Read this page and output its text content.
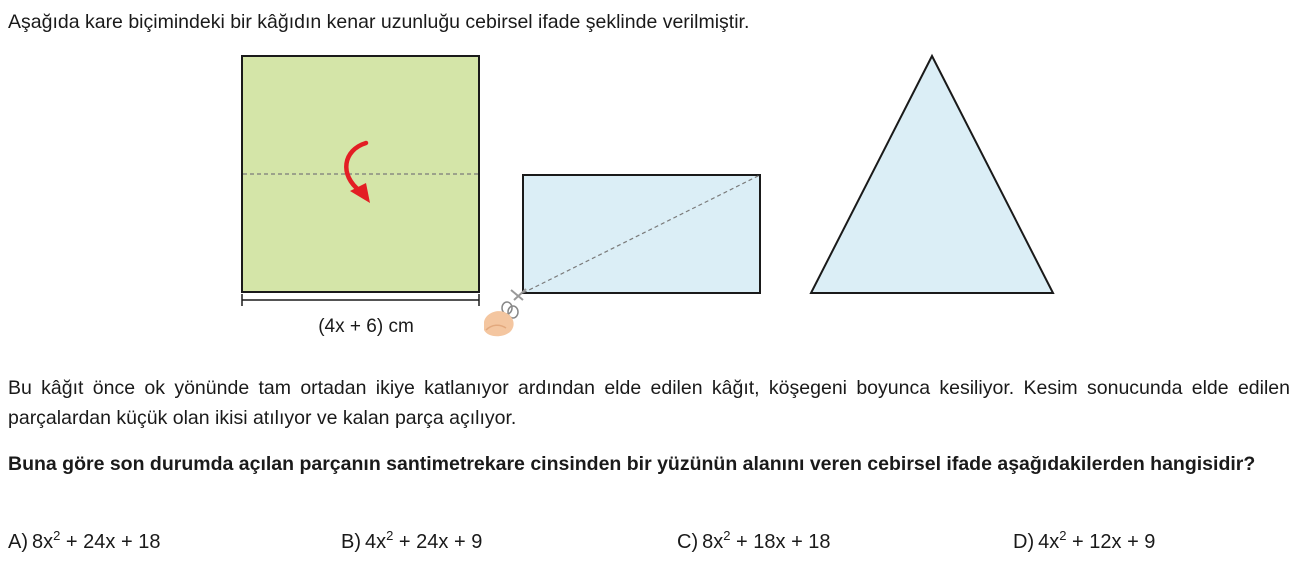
Aşağıda kare biçimindeki bir kâğıdın kenar uzunluğu cebirsel ifade şeklinde verilmiştir.

(4x + 6) cm

Bu kâğıt önce ok yönünde tam ortadan ikiye katlanıyor ardından elde edilen kâğıt, köşegeni boyunca kesiliyor. Kesim sonucunda elde edilen parçalardan küçük olan ikisi atılıyor ve kalan parça açılıyor.

Buna göre son durumda açılan parçanın santimetrekare cinsinden bir yüzünün alanını veren cebirsel ifade aşağıdakilerden hangisidir?

A) $8x^2 + 24x + 18$	B) $4x^2 + 24x + 9$	C) $8x^2 + 18x + 18$	D) $4x^2 + 12x + 9$
